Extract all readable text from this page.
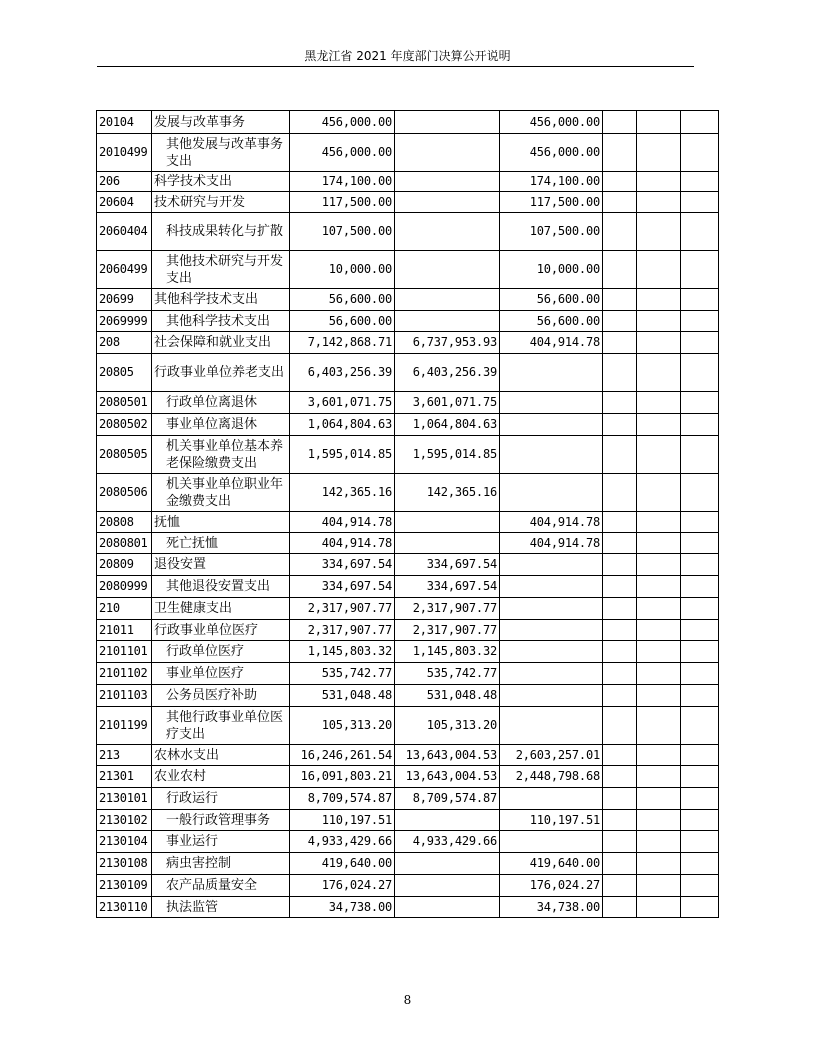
黑龙江省 2021 年度部门决算公开说明
20104	发展与改革事务	456,000.00		456,000.00			
2010499	其他发展与改革事务支出	456,000.00		456,000.00			
206	科学技术支出	174,100.00		174,100.00			
20604	技术研究与开发	117,500.00		117,500.00			
2060404	科技成果转化与扩散	107,500.00		107,500.00			
2060499	其他技术研究与开发支出	10,000.00		10,000.00			
20699	其他科学技术支出	56,600.00		56,600.00			
2069999	其他科学技术支出	56,600.00		56,600.00			
208	社会保障和就业支出	7,142,868.71	6,737,953.93	404,914.78			
20805	行政事业单位养老支出	6,403,256.39	6,403,256.39				
2080501	行政单位离退休	3,601,071.75	3,601,071.75				
2080502	事业单位离退休	1,064,804.63	1,064,804.63				
2080505	机关事业单位基本养老保险缴费支出	1,595,014.85	1,595,014.85				
2080506	机关事业单位职业年金缴费支出	142,365.16	142,365.16				
20808	抚恤	404,914.78		404,914.78			
2080801	死亡抚恤	404,914.78		404,914.78			
20809	退役安置	334,697.54	334,697.54				
2080999	其他退役安置支出	334,697.54	334,697.54				
210	卫生健康支出	2,317,907.77	2,317,907.77				
21011	行政事业单位医疗	2,317,907.77	2,317,907.77				
2101101	行政单位医疗	1,145,803.32	1,145,803.32				
2101102	事业单位医疗	535,742.77	535,742.77				
2101103	公务员医疗补助	531,048.48	531,048.48				
2101199	其他行政事业单位医疗支出	105,313.20	105,313.20				
213	农林水支出	16,246,261.54	13,643,004.53	2,603,257.01			
21301	农业农村	16,091,803.21	13,643,004.53	2,448,798.68			
2130101	行政运行	8,709,574.87	8,709,574.87				
2130102	一般行政管理事务	110,197.51		110,197.51			
2130104	事业运行	4,933,429.66	4,933,429.66				
2130108	病虫害控制	419,640.00		419,640.00			
2130109	农产品质量安全	176,024.27		176,024.27			
2130110	执法监管	34,738.00		34,738.00			
8
